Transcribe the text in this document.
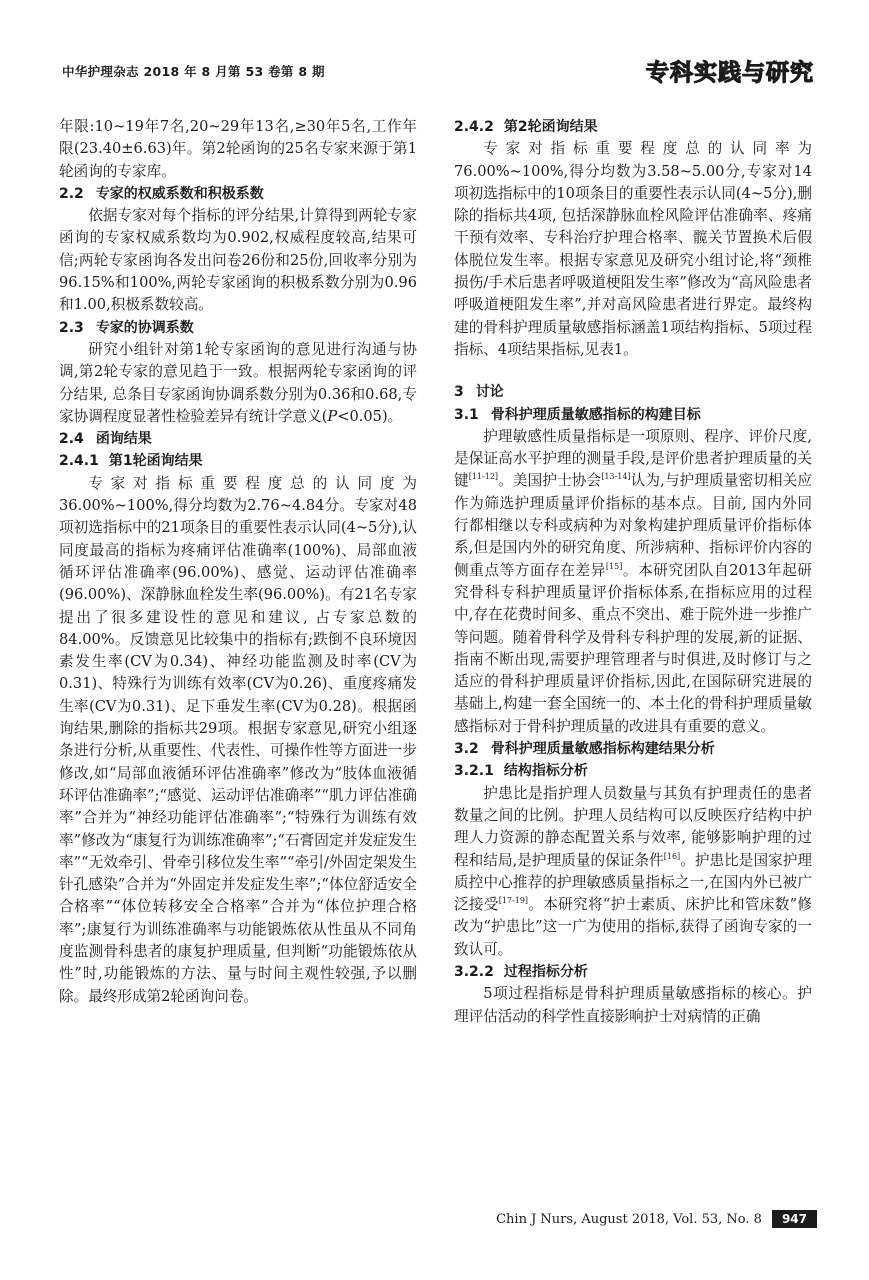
中华护理杂志 2018 年 8 月第 53 卷第 8 期	专科实践与研究

年限:10~19年7名,20~29年13名,≥30年5名,工作年限(23.40±6.63)年。第2轮函询的25名专家来源于第1轮函询的专家库。

2.2 专家的权威系数和积极系数

依据专家对每个指标的评分结果,计算得到两轮专家函询的专家权威系数均为0.902,权威程度较高,结果可信;两轮专家函询各发出问卷26份和25份,回收率分别为96.15%和100%,两轮专家函询的积极系数分别为0.96和1.00,积极系数较高。

2.3 专家的协调系数

研究小组针对第1轮专家函询的意见进行沟通与协调,第2轮专家的意见趋于一致。根据两轮专家函询的评分结果, 总条目专家函询协调系数分别为0.36和0.68,专家协调程度显著性检验差异有统计学意义(P<0.05)。

2.4 函询结果
2.4.1 第1轮函询结果

专家对指标重要程度总的认同度为36.00%~100%,得分均数为2.76~4.84分。专家对48项初选指标中的21项条目的重要性表示认同(4~5分),认同度最高的指标为疼痛评估准确率(100%)、局部血液循环评估准确率(96.00%)、感觉、运动评估准确率(96.00%)、深静脉血栓发生率(96.00%)。有21名专家提出了很多建设性的意见和建议, 占专家总数的84.00%。反馈意见比较集中的指标有;跌倒不良环境因素发生率(CV为0.34)、神经功能监测及时率(CV为0.31)、特殊行为训练有效率(CV为0.26)、重度疼痛发生率(CV为0.31)、足下垂发生率(CV为0.28)。根据函询结果,删除的指标共29项。根据专家意见,研究小组逐条进行分析,从重要性、代表性、可操作性等方面进一步修改,如“局部血液循环评估准确率”修改为“肢体血液循环评估准确率”;“感觉、运动评估准确率”“肌力评估准确率”合并为“神经功能评估准确率”;“特殊行为训练有效率”修改为“康复行为训练准确率”;“石膏固定并发症发生率”“无效牵引、骨牵引移位发生率”“牵引/外固定架发生针孔感染”合并为“外固定并发症发生率”;“体位舒适安全合格率”“体位转移安全合格率”合并为“体位护理合格率”;康复行为训练准确率与功能锻炼依从性虽从不同角度监测骨科患者的康复护理质量, 但判断“功能锻炼依从性”时,功能锻炼的方法、量与时间主观性较强,予以删除。最终形成第2轮函询问卷。

2.4.2 第2轮函询结果

专家对指标重要程度总的认同率为76.00%~100%,得分均数为3.58~5.00分,专家对14项初选指标中的10项条目的重要性表示认同(4~5分),删除的指标共4项, 包括深静脉血栓风险评估准确率、疼痛干预有效率、专科治疗护理合格率、髋关节置换术后假体脱位发生率。根据专家意见及研究小组讨论,将“颈椎损伤/手术后患者呼吸道梗阻发生率”修改为“高风险患者呼吸道梗阻发生率”,并对高风险患者进行界定。最终构建的骨科护理质量敏感指标涵盖1项结构指标、5项过程指标、4项结果指标,见表1。

3 讨论
3.1 骨科护理质量敏感指标的构建目标

护理敏感性质量指标是一项原则、程序、评价尺度,是保证高水平护理的测量手段,是评价患者护理质量的关键[11-12]。美国护士协会[13-14]认为,与护理质量密切相关应作为筛选护理质量评价指标的基本点。目前, 国内外同行都相继以专科或病种为对象构建护理质量评价指标体系,但是国内外的研究角度、所涉病种、指标评价内容的侧重点等方面存在差异[15]。本研究团队自2013年起研究骨科专科护理质量评价指标体系,在指标应用的过程中,存在花费时间多、重点不突出、难于院外进一步推广等问题。随着骨科学及骨科专科护理的发展,新的证据、指南不断出现,需要护理管理者与时俱进,及时修订与之适应的骨科护理质量评价指标,因此,在国际研究进展的基础上,构建一套全国统一的、本土化的骨科护理质量敏感指标对于骨科护理质量的改进具有重要的意义。

3.2 骨科护理质量敏感指标构建结果分析
3.2.1 结构指标分析

护患比是指护理人员数量与其负有护理责任的患者数量之间的比例。护理人员结构可以反映医疗结构中护理人力资源的静态配置关系与效率, 能够影响护理的过程和结局,是护理质量的保证条件[16]。护患比是国家护理质控中心推荐的护理敏感质量指标之一,在国内外已被广泛接受[17-19]。本研究将“护士素质、床护比和管床数”修改为“护患比”这一广为使用的指标,获得了函询专家的一致认可。

3.2.2 过程指标分析

5项过程指标是骨科护理质量敏感指标的核心。护理评估活动的科学性直接影响护士对病情的正确

Chin J Nurs, August 2018, Vol. 53, No. 8	947
